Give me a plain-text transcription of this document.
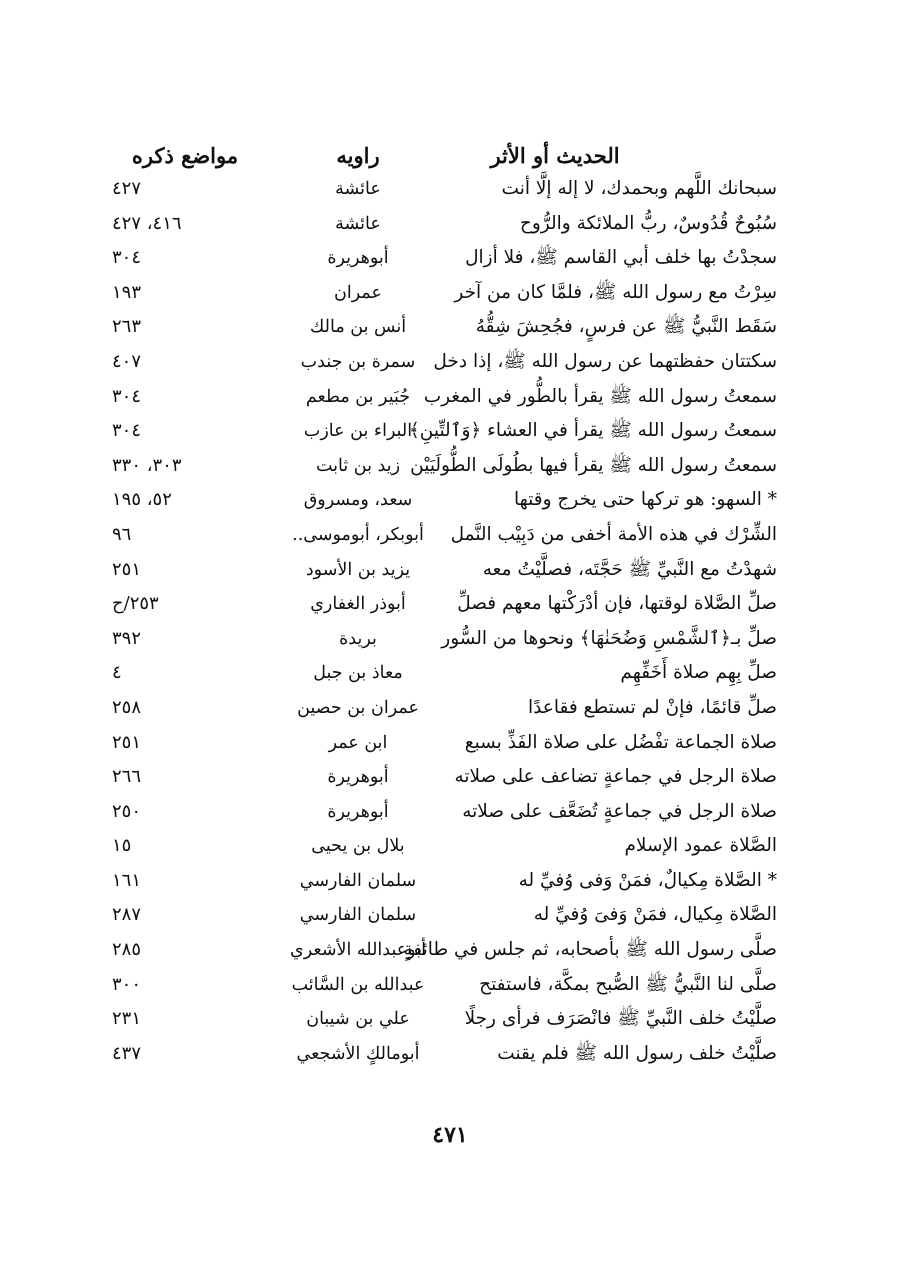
الحديث أو الأثر
راويه
مواضع ذكره
سبحانك اللَّهم وبحمدك، لا إله إلَّا أنت
عائشة
٤٢٧
سُبُوحٌ قُدُوسٌ، ربُّ الملائكة والرُّوح
عائشة
٤١٦، ٤٢٧
سجدْتُ بها خلف أبي القاسم ﷺ، فلا أزال
أبوهريرة
٣٠٤
سِرْتُ مع رسول الله ﷺ، فلمَّا كان من آخر
عمران
١٩٣
سَقَط النَّبيُّ ﷺ عن فرسٍ، فجُحِشَ شِقُّهُ
أنس بن مالك
٢٦٣
سكتتان حفظتهما عن رسول الله ﷺ، إذا دخل
سمرة بن جندب
٤٠٧
سمعتُ رسول الله ﷺ يقرأ بالطُّور في المغرب
جُبَير بن مطعم
٣٠٤
سمعتُ رسول الله ﷺ يقرأ في العشاء ﴿وَٱلتِّينِ﴾
البراء بن عازب
٣٠٤
سمعتُ رسول الله ﷺ يقرأ فيها بطُولَى الطُّولَيَيْن
زيد بن ثابت
٣٠٣، ٣٣٠
* السهو: هو تركها حتى يخرج وقتها
سعد، ومسروق
٥٢، ١٩٥
الشِّرْك في هذه الأمة أخفى من دَبِيْب النَّمل
أبوبكر، أبوموسى..
٩٦
شهدْتُ مع النَّبيِّ ﷺ حَجَّتَه، فصلَّيْتُ معه
يزيد بن الأسود
٢٥١
صلِّ الصَّلاة لوقتها، فإن أدْرَكْتها معهم فصلِّ
أبوذر الغفاري
٢٥٣/ح
صلِّ بـ﴿ٱلشَّمْسِ وَضُحَنٰهَا﴾ ونحوها من السُّور
بريدة
٣٩٢
صلِّ بِهِم صلاة أَخَفِّهِم
معاذ بن جبل
٤
صلِّ قائمًا، فإنْ لم تستطع فقاعدًا
عمران بن حصين
٢٥٨
صلاة الجماعة تفْضُل على صلاة الفَذِّ بسبع
ابن عمر
٢٥١
صلاة الرجل في جماعةٍ تضاعف على صلاته
أبوهريرة
٢٦٦
صلاة الرجل في جماعةٍ تُضَعَّف على صلاته
أبوهريرة
٢٥٠
الصَّلاة عمود الإسلام
بلال بن يحيى
١٥
* الصَّلاة مِكيالٌ، فمَنْ وَفى وُفيِّ له
سلمان الفارسي
١٦١
الصَّلاة مِكيال، فمَنْ وَفىَ وُفيِّ له
سلمان الفارسي
٢٨٧
صلَّى رسول الله ﷺ بأصحابه، ثم جلس في طائفةٍ
أبوعبدالله الأشعري
٢٨٥
صلَّى لنا النَّبيُّ ﷺ الصُّبح بمكَّة، فاستفتح
عبدالله بن السَّائب
٣٠٠
صلَّيْتُ خلف النَّبيِّ ﷺ فانْصَرَف فرأى رجلًا
علي بن شيبان
٢٣١
صلَّيْتُ خلف رسول الله ﷺ فلم يقنت
أبومالكٍ الأشجعي
٤٣٧
٤٧١
